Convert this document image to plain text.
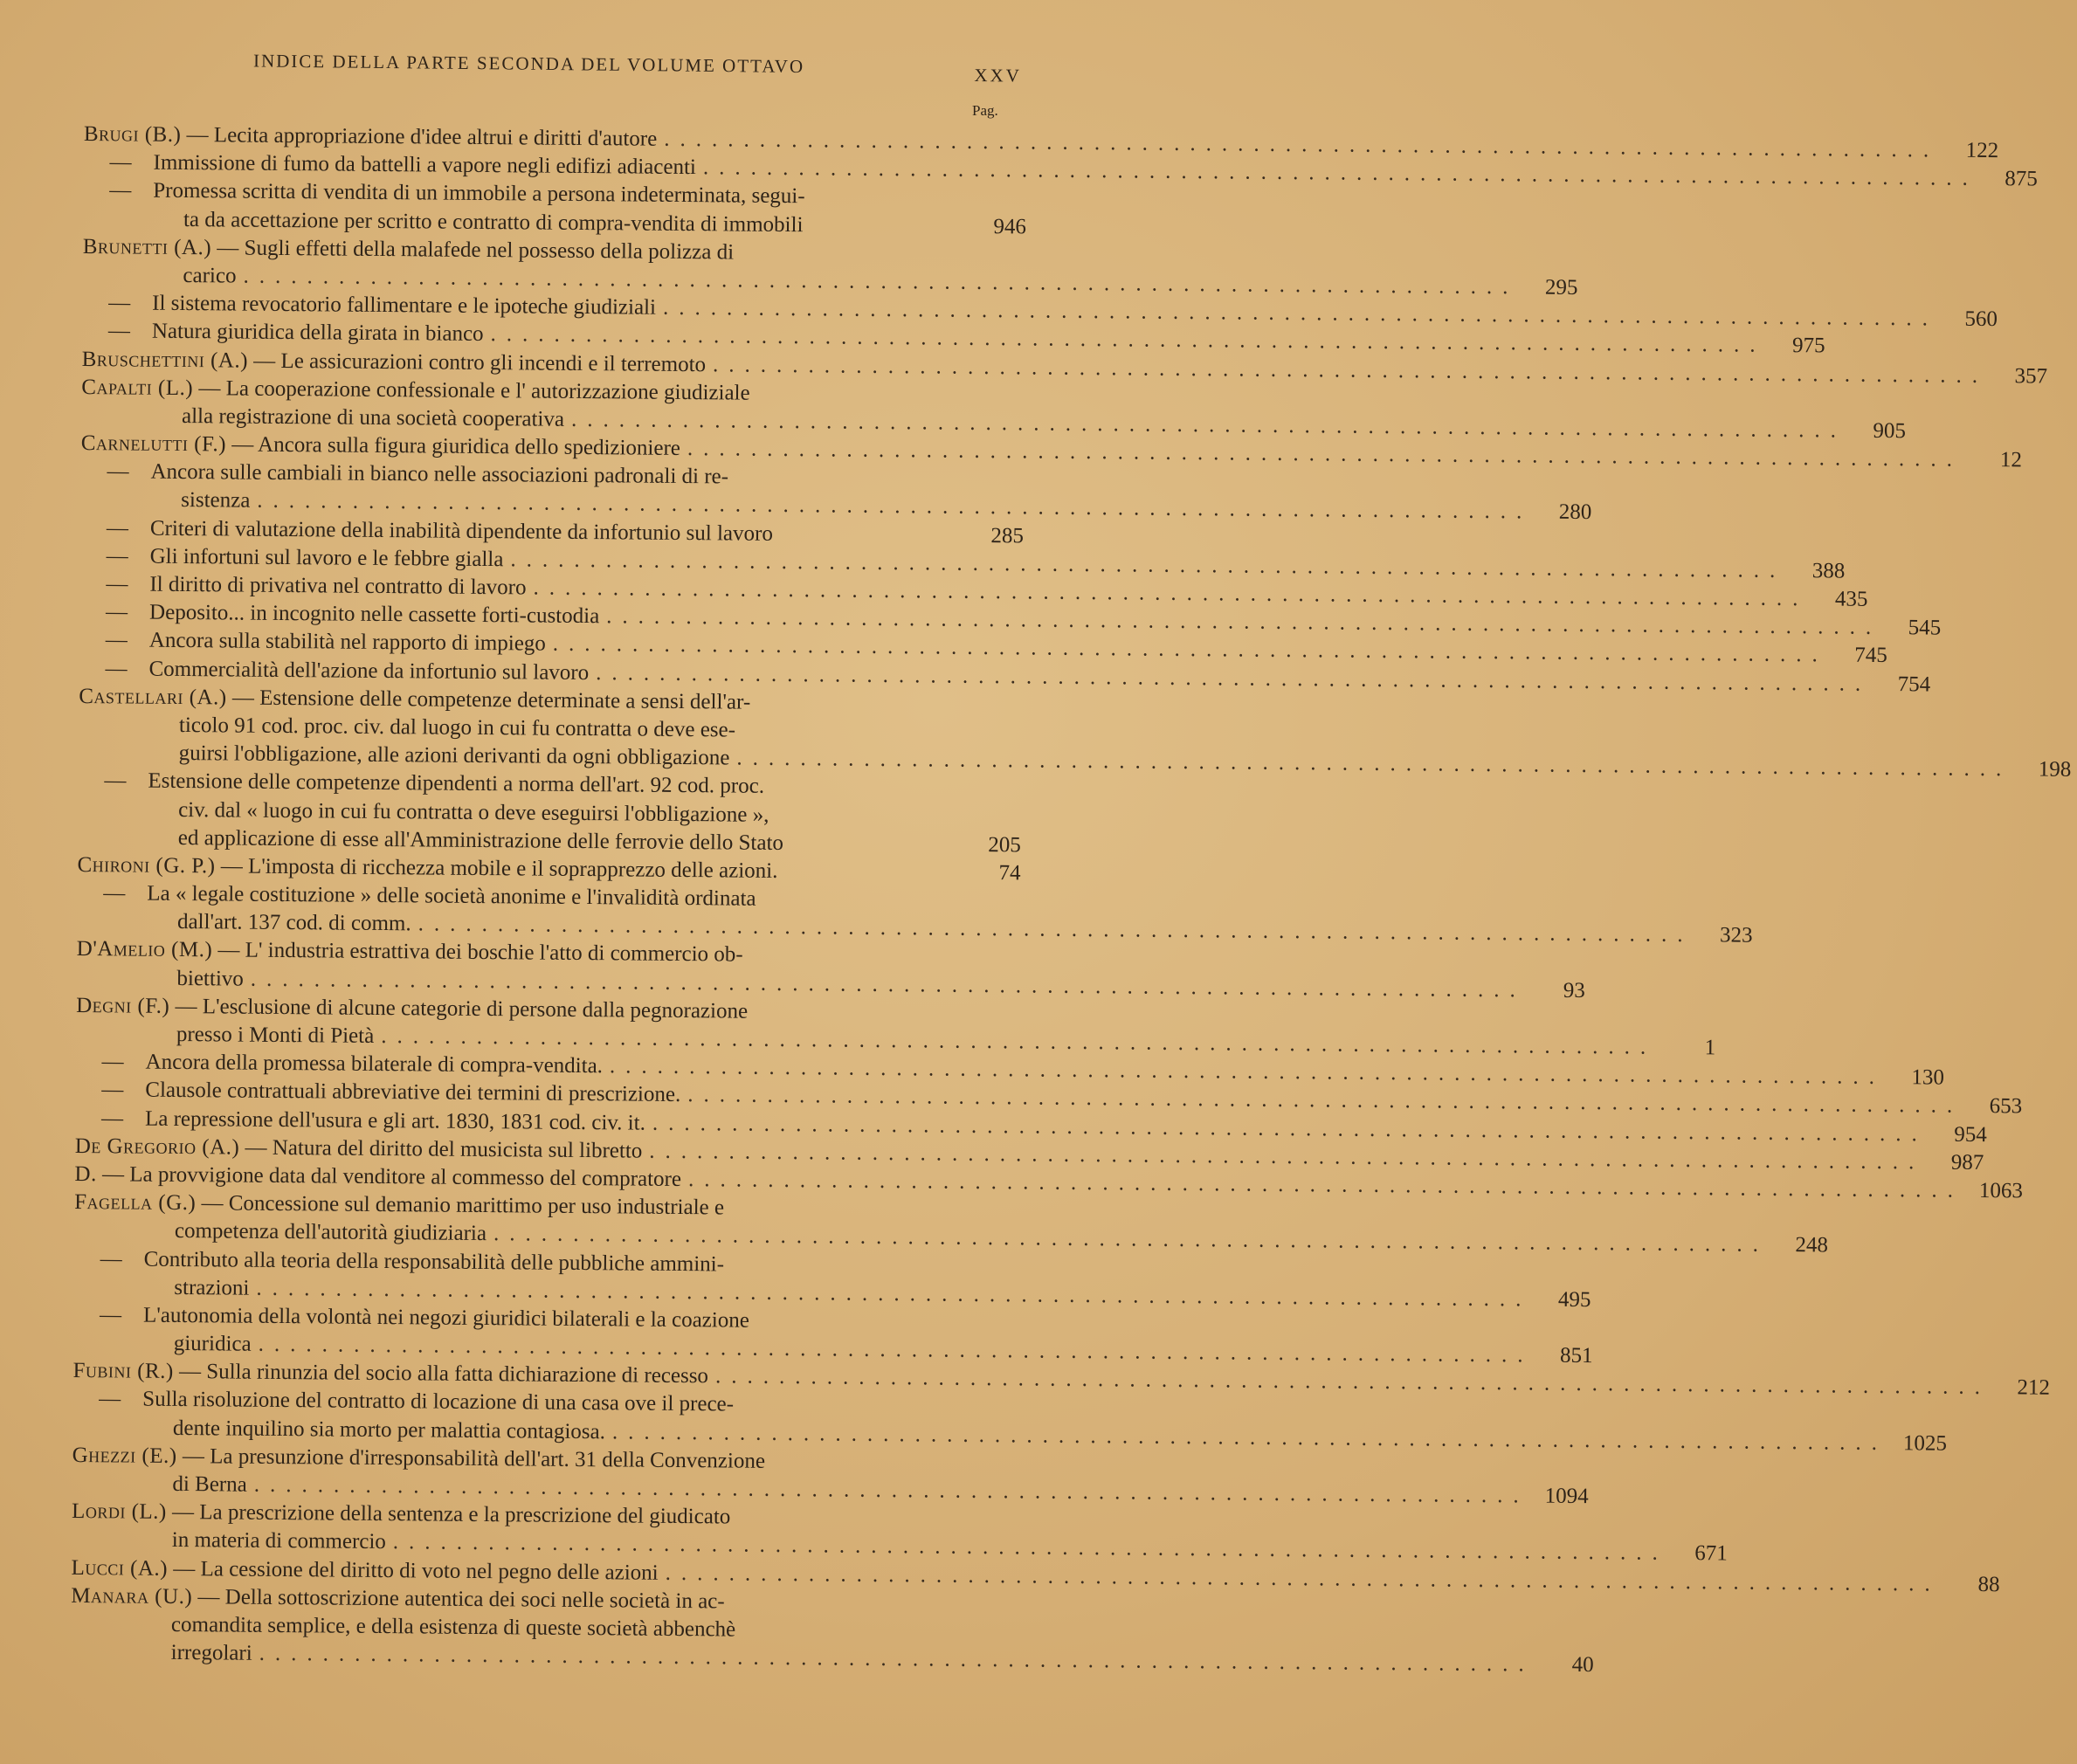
INDICE DELLA PARTE SECONDA DEL VOLUME OTTAVO	XXV
Pag.
Brugi (B.) — Lecita appropriazione d'idee altrui e diritti d'autore ................................................................................	122
— Immissione di fumo da battelli a vapore negli edifizi adiacenti ................................................................................	875
— Promessa scritta di vendita di un immobile a persona indeterminata, segui-
ta da accettazione per scritto e contratto di compra-vendita di immobili	946
Brunetti (A.) — Sugli effetti della malafede nel possesso della polizza di
carico ................................................................................	295
— Il sistema revocatorio fallimentare e le ipoteche giudiziali ................................................................................	560
— Natura giuridica della girata in bianco ................................................................................	975
Bruschettini (A.) — Le assicurazioni contro gli incendi e il terremoto ................................................................................	357
Capalti (L.) — La cooperazione confessionale e l' autorizzazione giudiziale
alla registrazione di una società cooperativa ................................................................................	905
Carnelutti (F.) — Ancora sulla figura giuridica dello spedizioniere ................................................................................	12
— Ancora sulle cambiali in bianco nelle associazioni padronali di re-
sistenza ................................................................................	280
— Criteri di valutazione della inabilità dipendente da infortunio sul lavoro	285
— Gli infortuni sul lavoro e le febbre gialla ................................................................................	388
— Il diritto di privativa nel contratto di lavoro ................................................................................	435
— Deposito... in incognito nelle cassette forti-custodia ................................................................................	545
— Ancora sulla stabilità nel rapporto di impiego ................................................................................	745
— Commercialità dell'azione da infortunio sul lavoro ................................................................................	754
Castellari (A.) — Estensione delle competenze determinate a sensi dell'ar-
ticolo 91 cod. proc. civ. dal luogo in cui fu contratta o deve ese-
guirsi l'obbligazione, alle azioni derivanti da ogni obbligazione ................................................................................	198
— Estensione delle competenze dipendenti a norma dell'art. 92 cod. proc.
civ. dal « luogo in cui fu contratta o deve eseguirsi l'obbligazione »,
ed applicazione di esse all'Amministrazione delle ferrovie dello Stato	205
Chironi (G. P.) — L'imposta di ricchezza mobile e il soprapprezzo delle azioni.	74
— La « legale costituzione » delle società anonime e l'invalidità ordinata
dall'art. 137 cod. di comm. ................................................................................	323
D'Amelio (M.) — L' industria estrattiva dei boschie l'atto di commercio ob-
biettivo ................................................................................	93
Degni (F.) — L'esclusione di alcune categorie di persone dalla pegnorazione
presso i Monti di Pietà ................................................................................	1
— Ancora della promessa bilaterale di compra-vendita. ................................................................................	130
— Clausole contrattuali abbreviative dei termini di prescrizione. ................................................................................	653
— La repressione dell'usura e gli art. 1830, 1831 cod. civ. it. ................................................................................	954
De Gregorio (A.) — Natura del diritto del musicista sul libretto ................................................................................	987
D. — La provvigione data dal venditore al commesso del compratore ................................................................................ 1063
Fagella (G.) — Concessione sul demanio marittimo per uso industriale e
competenza dell'autorità giudiziaria ................................................................................	248
— Contributo alla teoria della responsabilità delle pubbliche ammini-
strazioni ................................................................................	495
— L'autonomia della volontà nei negozi giuridici bilaterali e la coazione
giuridica ................................................................................	851
Fubini (R.) — Sulla rinunzia del socio alla fatta dichiarazione di recesso ................................................................................	212
— Sulla risoluzione del contratto di locazione di una casa ove il prece-
dente inquilino sia morto per malattia contagiosa. ................................................................................ 1025
Ghezzi (E.) — La presunzione d'irresponsabilità dell'art. 31 della Convenzione
di Berna ................................................................................ 1094
Lordi (L.) — La prescrizione della sentenza e la prescrizione del giudicato
in materia di commercio ................................................................................	671
Lucci (A.) — La cessione del diritto di voto nel pegno delle azioni ................................................................................	88
Manara (U.) — Della sottoscrizione autentica dei soci nelle società in ac-
comandita semplice, e della esistenza di queste società abbenchè
irregolari ................................................................................	40
